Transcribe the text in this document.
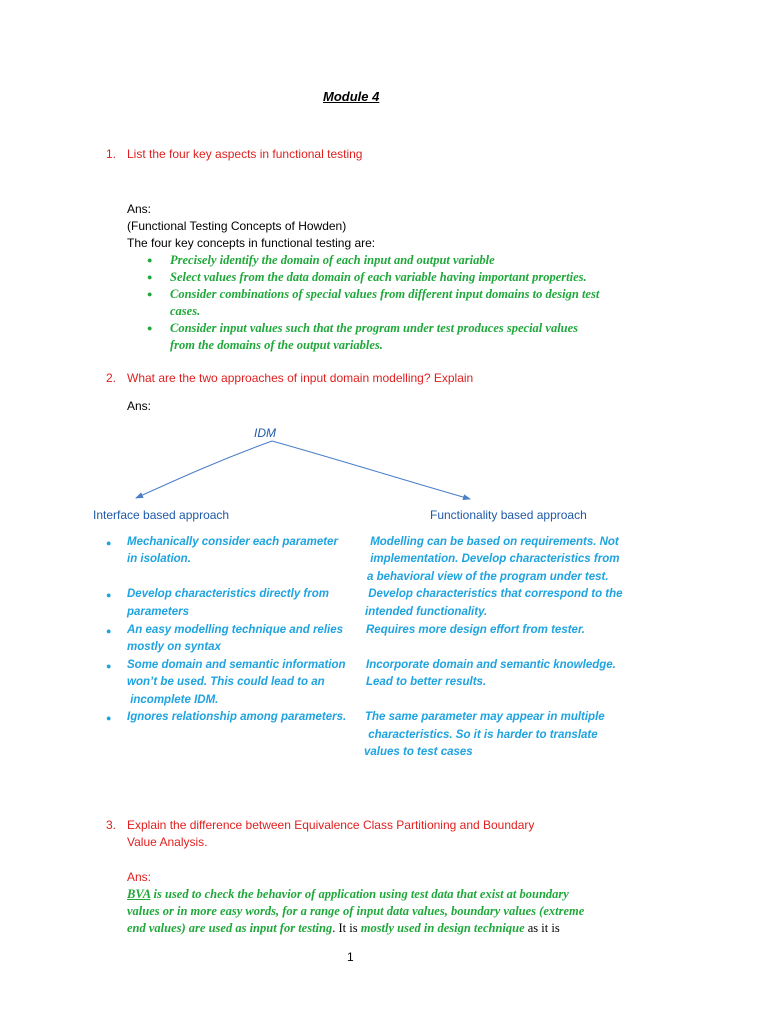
Module 4
1. List the four key aspects in functional testing
Ans:
(Functional Testing Concepts of Howden)
The four key concepts in functional testing are:
● Precisely identify the domain of each input and output variable
● Select values from the data domain of each variable having important properties.
● Consider combinations of special values from different input domains to design test
cases.
● Consider input values such that the program under test produces special values
from the domains of the output variables.
2. What are the two approaches of input domain modelling? Explain
Ans:
IDM
Interface based approach	Functionality based approach
● Mechanically consider each parameter
in isolation.
● Develop characteristics directly from
parameters
● An easy modelling technique and relies
mostly on syntax
● Some domain and semantic information
won’t be used. This could lead to an
incomplete IDM.
● Ignores relationship among parameters.
Modelling can be based on requirements. Not
implementation. Develop characteristics from
a behavioral view of the program under test.
Develop characteristics that correspond to the
intended functionality.
Requires more design effort from tester.
Incorporate domain and semantic knowledge.
Lead to better results.
The same parameter may appear in multiple
characteristics. So it is harder to translate
values to test cases
3. Explain the difference between Equivalence Class Partitioning and Boundary
Value Analysis.
Ans:
BVA is used to check the behavior of application using test data that exist at boundary
values or in more easy words, for a range of input data values, boundary values (extreme
end values) are used as input for testing. It is mostly used in design technique as it is
1
